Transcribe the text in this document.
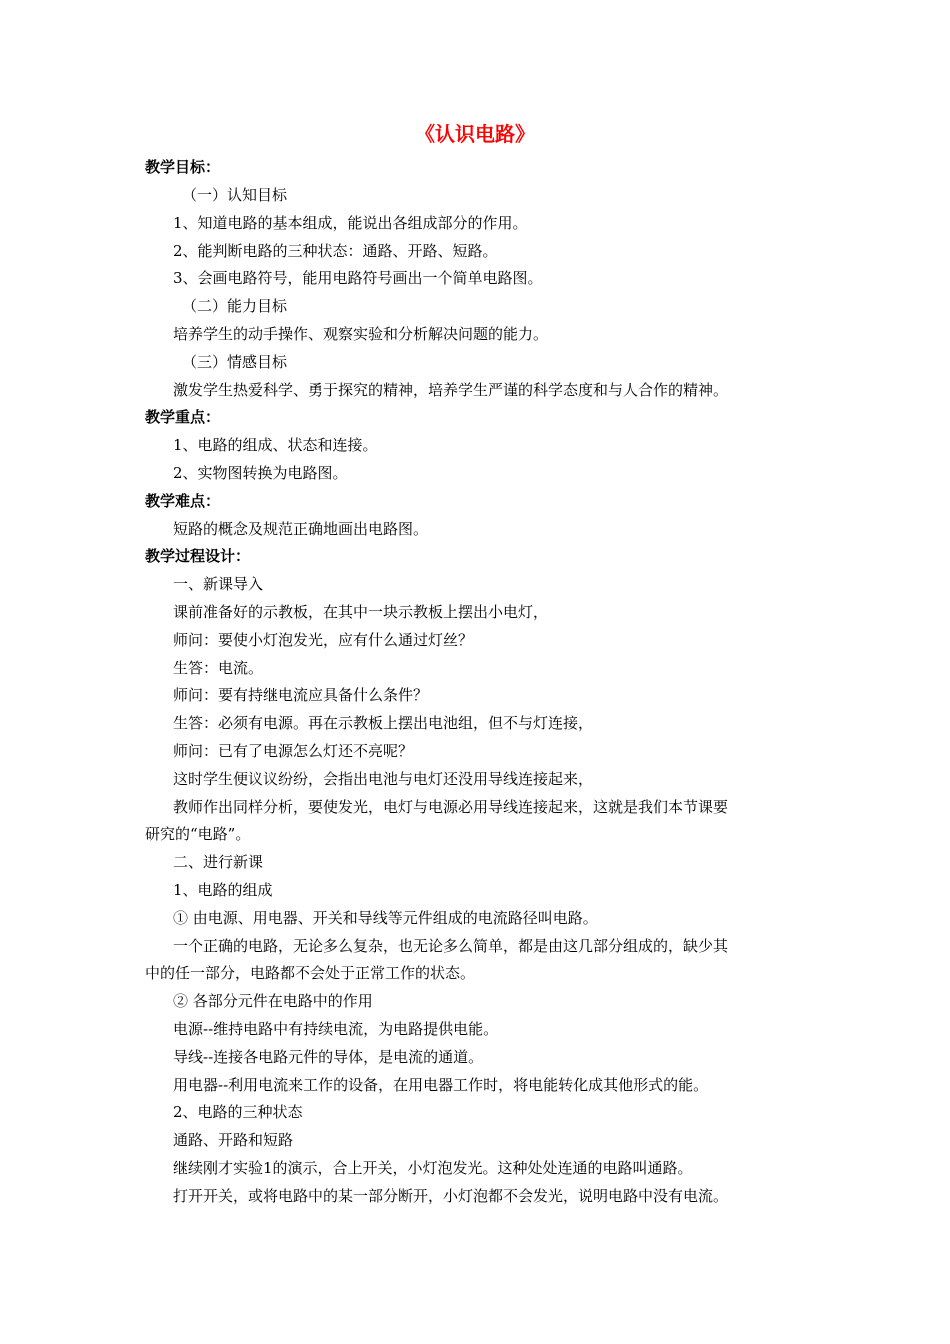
《认识电路》
教学目标：
（一）认知目标
1、知道电路的基本组成，能说出各组成部分的作用。
2、能判断电路的三种状态：通路、开路、短路。
3、会画电路符号，能用电路符号画出一个简单电路图。
（二）能力目标
培养学生的动手操作、观察实验和分析解决问题的能力。
（三）情感目标
激发学生热爱科学、勇于探究的精神，培养学生严谨的科学态度和与人合作的精神。
教学重点：
1、电路的组成、状态和连接。
2、实物图转换为电路图。
教学难点：
短路的概念及规范正确地画出电路图。
教学过程设计：
一、新课导入
课前准备好的示教板，在其中一块示教板上摆出小电灯，
师问：要使小灯泡发光，应有什么通过灯丝？
生答：电流。
师问：要有持继电流应具备什么条件？
生答：必须有电源。再在示教板上摆出电池组，但不与灯连接，
师问：已有了电源怎么灯还不亮呢？
这时学生便议议纷纷，会指出电池与电灯还没用导线连接起来，
教师作出同样分析，要使发光，电灯与电源必用导线连接起来，这就是我们本节课要
研究的“电路”。
二、进行新课
1、电路的组成
① 由电源、用电器、开关和导线等元件组成的电流路径叫电路。
一个正确的电路，无论多么复杂，也无论多么简单，都是由这几部分组成的，缺少其
中的任一部分，电路都不会处于正常工作的状态。
② 各部分元件在电路中的作用
电源--维持电路中有持续电流，为电路提供电能。
导线--连接各电路元件的导体，是电流的通道。
用电器--利用电流来工作的设备，在用电器工作时，将电能转化成其他形式的能。
2、电路的三种状态
通路、开路和短路
继续刚才实验1的演示，合上开关，小灯泡发光。这种处处连通的电路叫通路。
打开开关，或将电路中的某一部分断开，小灯泡都不会发光，说明电路中没有电流。
